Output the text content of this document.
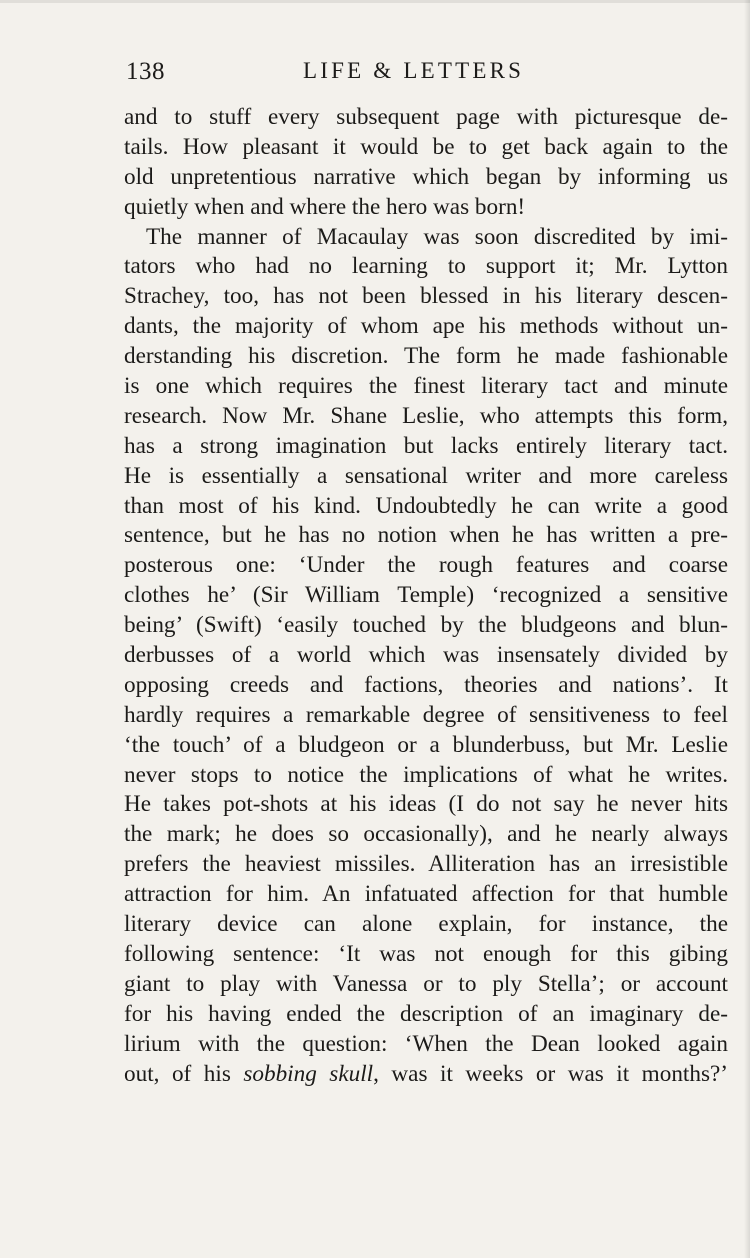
138	LIFE & LETTERS
and to stuff every subsequent page with picturesque de-
tails. How pleasant it would be to get back again to the
old unpretentious narrative which began by informing us
quietly when and where the hero was born!
The manner of Macaulay was soon discredited by imi-
tators who had no learning to support it; Mr. Lytton
Strachey, too, has not been blessed in his literary descen-
dants, the majority of whom ape his methods without un-
derstanding his discretion. The form he made fashionable
is one which requires the finest literary tact and minute
research. Now Mr. Shane Leslie, who attempts this form,
has a strong imagination but lacks entirely literary tact.
He is essentially a sensational writer and more careless
than most of his kind. Undoubtedly he can write a good
sentence, but he has no notion when he has written a pre-
posterous one: ‘Under the rough features and coarse
clothes he’ (Sir William Temple) ‘recognized a sensitive
being’ (Swift) ‘easily touched by the bludgeons and blun-
derbusses of a world which was insensately divided by
opposing creeds and factions, theories and nations’. It
hardly requires a remarkable degree of sensitiveness to feel
‘the touch’ of a bludgeon or a blunderbuss, but Mr. Leslie
never stops to notice the implications of what he writes.
He takes pot-shots at his ideas (I do not say he never hits
the mark; he does so occasionally), and he nearly always
prefers the heaviest missiles. Alliteration has an irresistible
attraction for him. An infatuated affection for that humble
literary device can alone explain, for instance, the
following sentence: ‘It was not enough for this gibing
giant to play with Vanessa or to ply Stella’; or account
for his having ended the description of an imaginary de-
lirium with the question: ‘When the Dean looked again
out, of his sobbing skull, was it weeks or was it months?’
